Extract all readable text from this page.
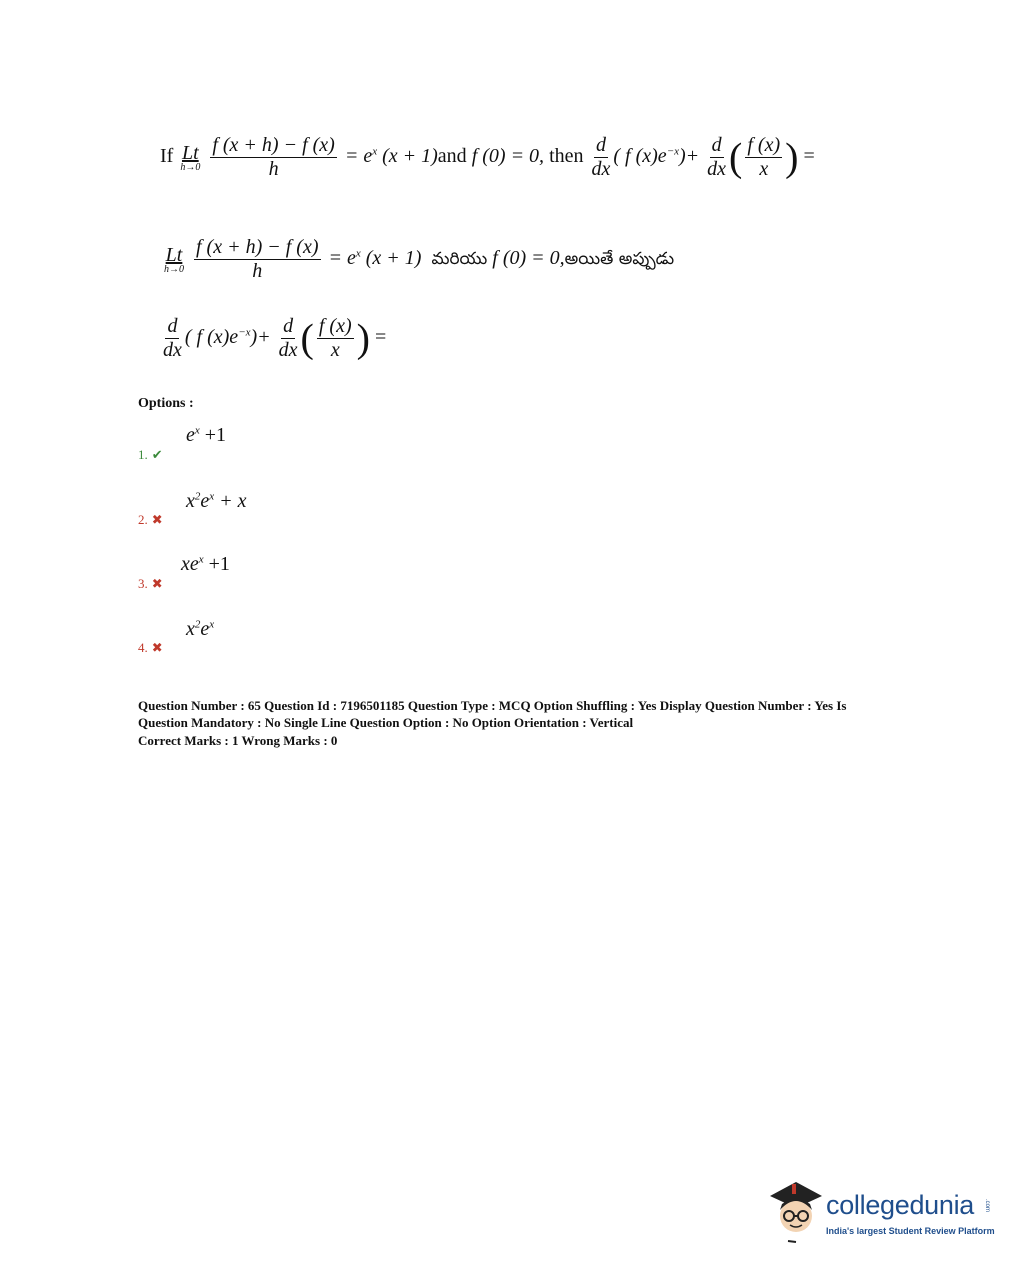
If Lt
h→0
$\frac{f (x + h) - f (x)}{h} = e^x$ (x + 1)and f (0) = 0, then $\frac{d}{dx}$ ( f $(x)e^{-x})+ \frac{d}{dx}$ ( $\frac{f (x)}{x}$ ) =
Lt
h→0
$\frac{f (x + h) - f (x)}{h} = e^x$ (x + 1) మరియు f (0) = 0,అయితే అప్పుడు
$\frac{d}{dx}$ ( f $(x)e^{-x})+ \frac{d}{dx}$ ( $\frac{f (x)}{x}$ ) =
Options :
$e^x +1$
1. ✔
$x^2e^x + x$
2. ✖
$xe^x +1$
3. ✖
$x^2e^x$
4. ✖
Question Number : 65 Question Id : 7196501185 Question Type : MCQ Option Shuffling : Yes Display Question Number : Yes Is
Question Mandatory : No Single Line Question Option : No Option Orientation : Vertical
Correct Marks : 1 Wrong Marks : 0
collegedunia .com
India's largest Student Review Platform
